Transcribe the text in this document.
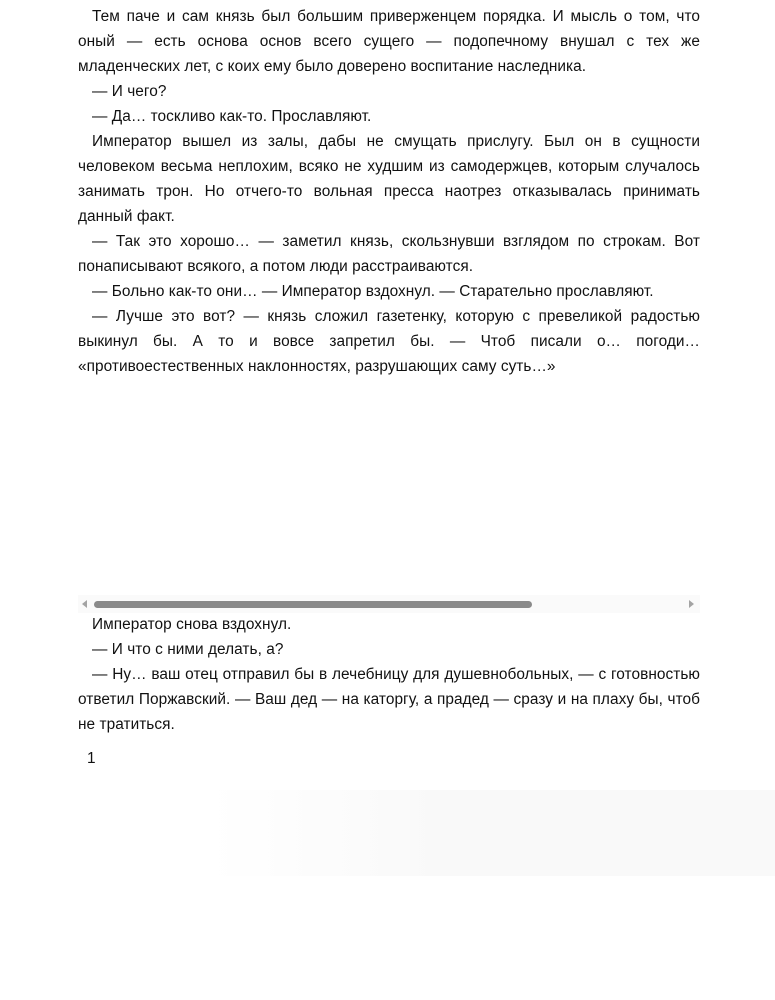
Тем паче и сам князь был большим приверженцем порядка. И мысль о том, что оный — есть основа основ всего сущего — подопечному внушал с тех же младенческих лет, с коих ему было доверено воспитание наследника.

— И чего?

— Да… тоскливо как-то. Прославляют.

Император вышел из залы, дабы не смущать прислугу. Был он в сущности человеком весьма неплохим, всяко не худшим из самодержцев, которым случалось занимать трон. Но отчего-то вольная пресса наотрез отказывалась принимать данный факт.

— Так это хорошо… — заметил князь, скользнувши взглядом по строкам. Вот понаписывают всякого, а потом люди расстраиваются.

— Больно как-то они… — Император вздохнул. — Старательно прославляют.

— Лучше это вот? — князь сложил газетенку, которую с превеликой радостью выкинул бы. А то и вовсе запретил бы. — Чтоб писали о… погоди… «противоестественных наклонностях, разрушающих саму суть…»

Император снова вздохнул.

— И что с ними делать, а?

— Ну… ваш отец отправил бы в лечебницу для душевнобольных, — с готовностью ответил Поржавский. — Ваш дед — на каторгу, а прадед — сразу и на плаху бы, чтоб не тратиться.

1
